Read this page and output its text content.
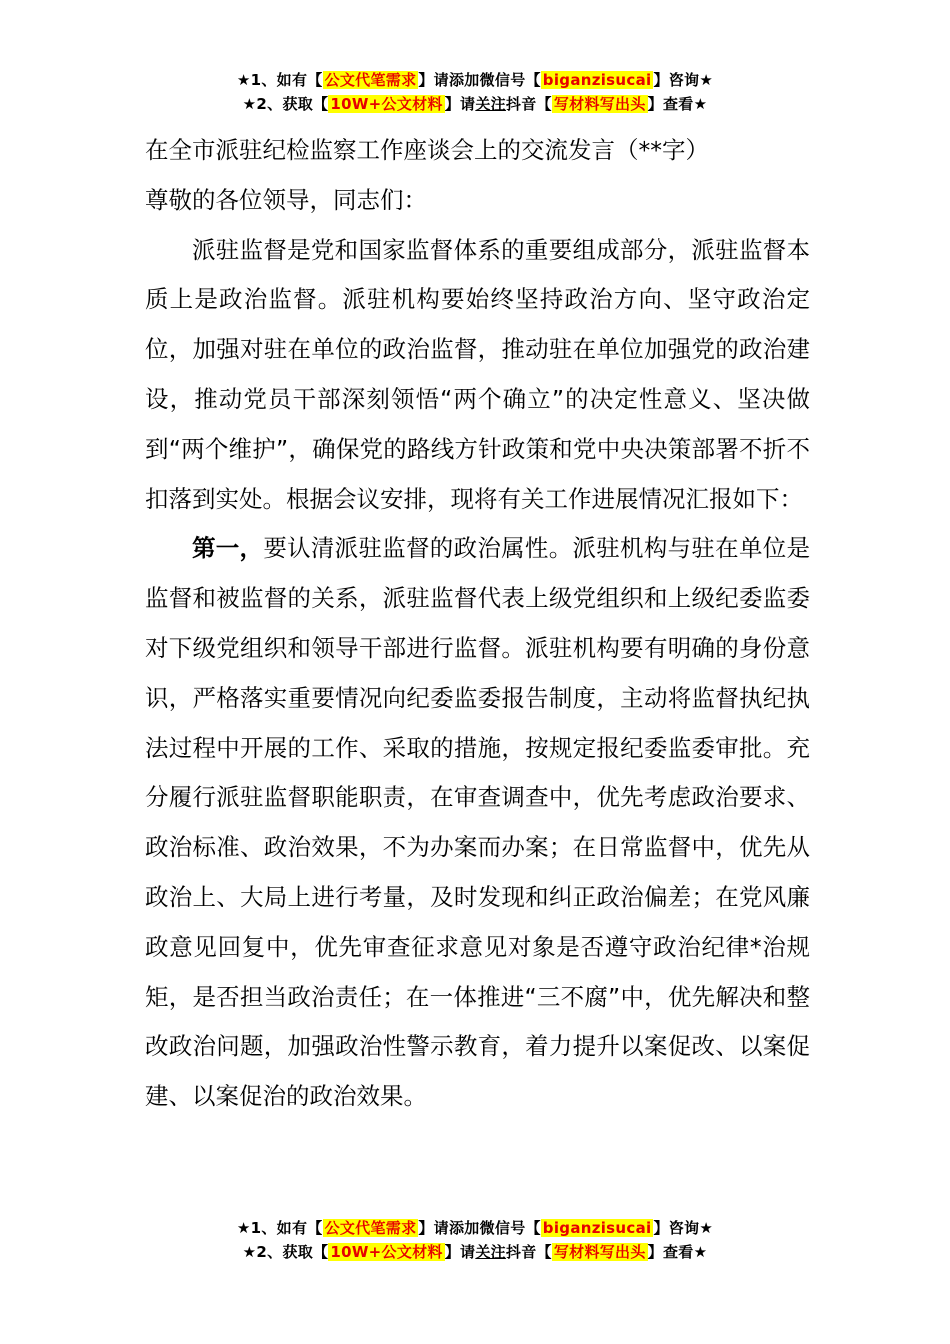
★1、如有【 公文代笔需求 】请添加微信号【 biganzisucai 】咨询★
★2、获取【 10W+公文材料 】请关注抖音【 写材料写出头 】查看★

在全市派驻纪检监察工作座谈会上的交流发言（**字）

尊敬的各位领导，同志们：

派驻监督是党和国家监督体系的重要组成部分，派驻监督本质上是政治监督。派驻机构要始终坚持政治方向、坚守政治定位，加强对驻在单位的政治监督，推动驻在单位加强党的政治建设，推动党员干部深刻领悟“两个确立”的决定性意义、坚决做到“两个维护”，确保党的路线方针政策和党中央决策部署不折不扣落到实处。根据会议安排，现将有关工作进展情况汇报如下：

第一，要认清派驻监督的政治属性。派驻机构与驻在单位是监督和被监督的关系，派驻监督代表上级党组织和上级纪委监委对下级党组织和领导干部进行监督。派驻机构要有明确的身份意识，严格落实重要情况向纪委监委报告制度，主动将监督执纪执法过程中开展的工作、采取的措施，按规定报纪委监委审批。充分履行派驻监督职能职责，在审查调查中，优先考虑政治要求、政治标准、政治效果，不为办案而办案；在日常监督中，优先从政治上、大局上进行考量，及时发现和纠正政治偏差；在党风廉政意见回复中，优先审查征求意见对象是否遵守政治纪律*治规矩，是否担当政治责任；在一体推进“三不腐”中，优先解决和整改政治问题，加强政治性警示教育，着力提升以案促改、以案促建、以案促治的政治效果。

★1、如有【 公文代笔需求 】请添加微信号【 biganzisucai 】咨询★
★2、获取【 10W+公文材料 】请关注抖音【 写材料写出头 】查看★
